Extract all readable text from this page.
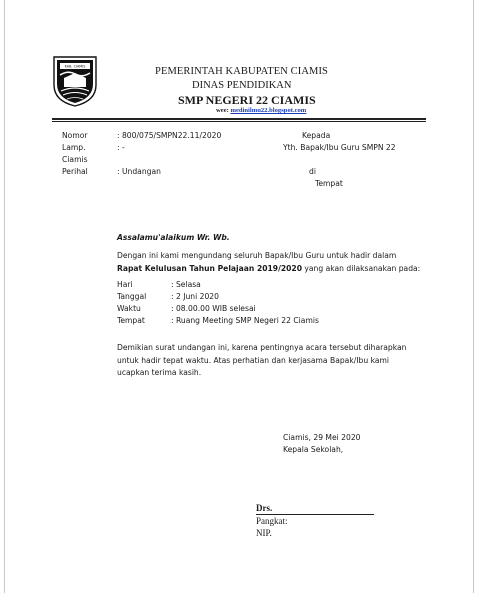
KAB. CIAMIS	PEMERINTAH KABUPATEN CIAMIS
DINAS PENDIDIKAN
SMP NEGERI 22 CIAMIS
wee: medinilmu22.blogspot.com
Nomor	: 800/075/SMPN22.11/2020
Lamp.	: -
Ciamis
Perihal	: Undangan
Kepada
Yth. Bapak/Ibu Guru SMPN 22
di
Tempat
Assalamu'alaikum Wr. Wb.
Dengan ini kami mengundang seluruh Bapak/Ibu Guru untuk hadir dalam Rapat Kelulusan Tahun Pelajaan 2019/2020 yang akan dilaksanakan pada:
Hari	: Selasa
Tanggal	: 2 Juni 2020
Waktu	: 08.00.00 WIB selesai
Tempat	: Ruang Meeting SMP Negeri 22 Ciamis
Demikian surat undangan ini, karena pentingnya acara tersebut diharapkan untuk hadir tepat waktu. Atas perhatian dan kerjasama Bapak/Ibu kami ucapkan terima kasih.
Ciamis, 29 Mei 2020
Kepala Sekolah,
Drs.
Pangkat:
NIP.
